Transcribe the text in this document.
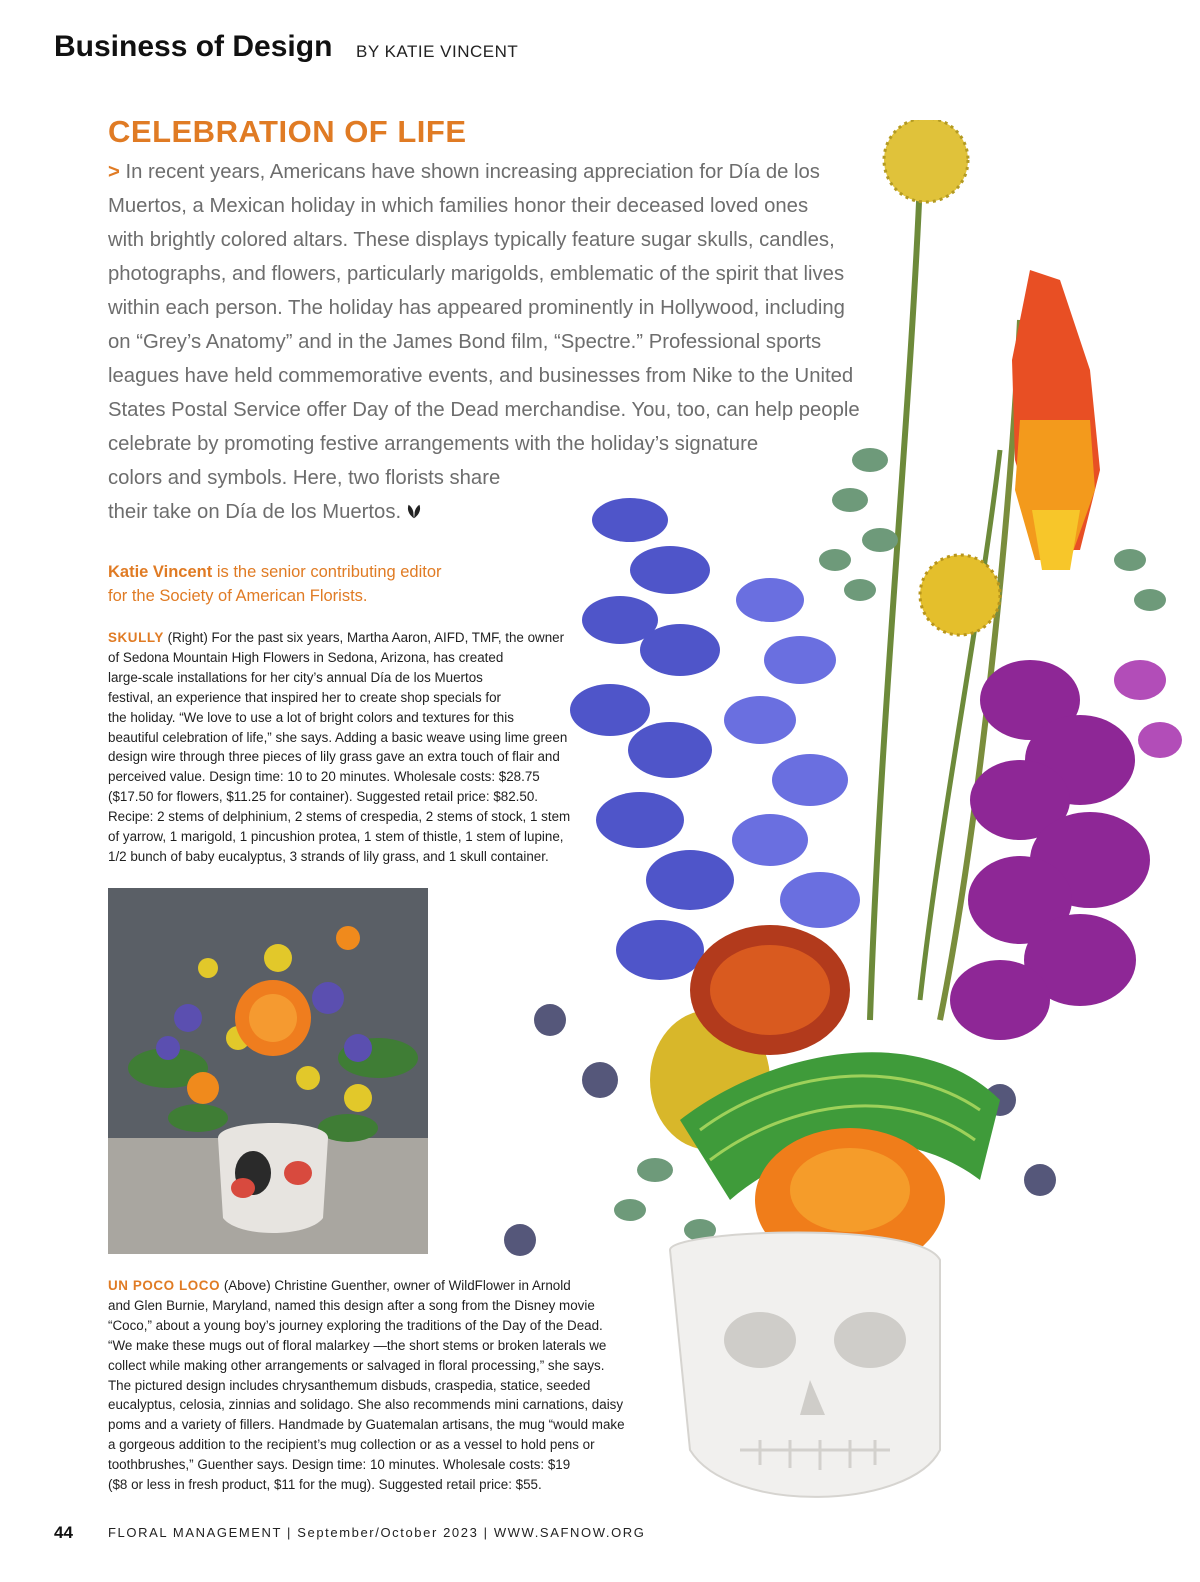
Business of Design BY KATIE VINCENT
CELEBRATION OF LIFE
> In recent years, Americans have shown increasing appreciation for Día de los
Muertos, a Mexican holiday in which families honor their deceased loved ones
with brightly colored altars. These displays typically feature sugar skulls, candles,
photographs, and flowers, particularly marigolds, emblematic of the spirit that lives
within each person. The holiday has appeared prominently in Hollywood, including
on “Grey’s Anatomy” and in the James Bond film, “Spectre.” Professional sports
leagues have held commemorative events, and businesses from Nike to the United
States Postal Service offer Day of the Dead merchandise. You, too, can help people
celebrate by promoting festive arrangements with the holiday’s signature
colors and symbols. Here, two florists share
their take on Día de los Muertos.
Katie Vincent is the senior contributing editor
for the Society of American Florists.
SKULLY (Right) For the past six years, Martha Aaron, AIFD, TMF, the owner
of Sedona Mountain High Flowers in Sedona, Arizona, has created
large-scale installations for her city’s annual Día de los Muertos
festival, an experience that inspired her to create shop specials for
the holiday. “We love to use a lot of bright colors and textures for this
beautiful celebration of life,” she says. Adding a basic weave using lime green
design wire through three pieces of lily grass gave an extra touch of flair and
perceived value. Design time: 10 to 20 minutes. Wholesale costs: $28.75
($17.50 for flowers, $11.25 for container). Suggested retail price: $82.50.
Recipe: 2 stems of delphinium, 2 stems of crespedia, 2 stems of stock, 1 stem
of yarrow, 1 marigold, 1 pincushion protea, 1 stem of thistle, 1 stem of lupine,
1/2 bunch of baby eucalyptus, 3 strands of lily grass, and 1 skull container.
UN POCO LOCO (Above) Christine Guenther, owner of WildFlower in Arnold
and Glen Burnie, Maryland, named this design after a song from the Disney movie
“Coco,” about a young boy’s journey exploring the traditions of the Day of the Dead.
“We make these mugs out of floral malarkey —the short stems or broken laterals we
collect while making other arrangements or salvaged in floral processing,” she says.
The pictured design includes chrysanthemum disbuds, craspedia, statice, seeded
eucalyptus, celosia, zinnias and solidago. She also recommends mini carnations, daisy
poms and a variety of fillers. Handmade by Guatemalan artisans, the mug “would make
a gorgeous addition to the recipient’s mug collection or as a vessel to hold pens or
toothbrushes,” Guenther says. Design time: 10 minutes. Wholesale costs: $19
($8 or less in fresh product, $11 for the mug). Suggested retail price: $55.
44	FLORAL MANAGEMENT | September/October 2023 | WWW.SAFNOW.ORG
